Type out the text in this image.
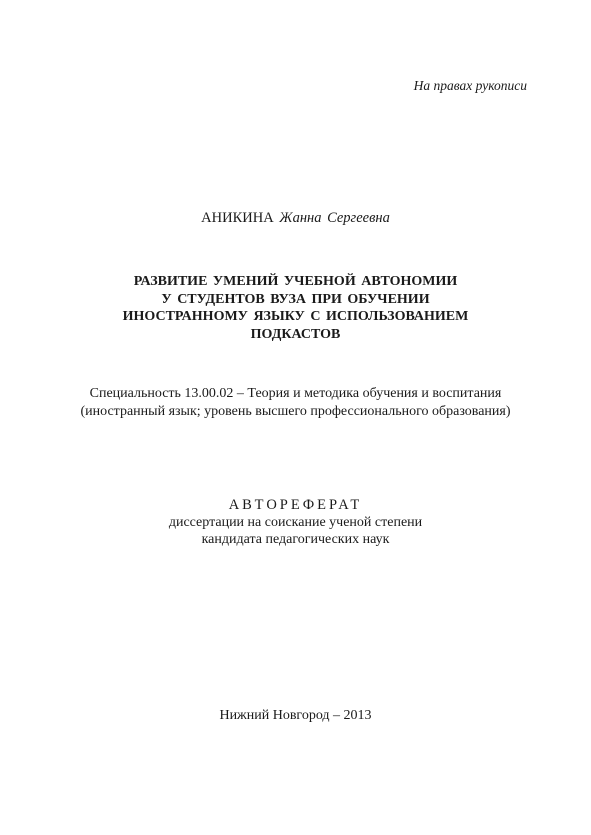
На правах рукописи
АНИКИНА Жанна Сергеевна
РАЗВИТИЕ УМЕНИЙ УЧЕБНОЙ АВТОНОМИИ
У СТУДЕНТОВ ВУЗА ПРИ ОБУЧЕНИИ
ИНОСТРАННОМУ ЯЗЫКУ С ИСПОЛЬЗОВАНИЕМ
ПОДКАСТОВ
Специальность 13.00.02 – Теория и методика обучения и воспитания
(иностранный язык; уровень высшего профессионального образования)
АВТОРЕФЕРАТ
диссертации на соискание ученой степени
кандидата педагогических наук
Нижний Новгород – 2013
